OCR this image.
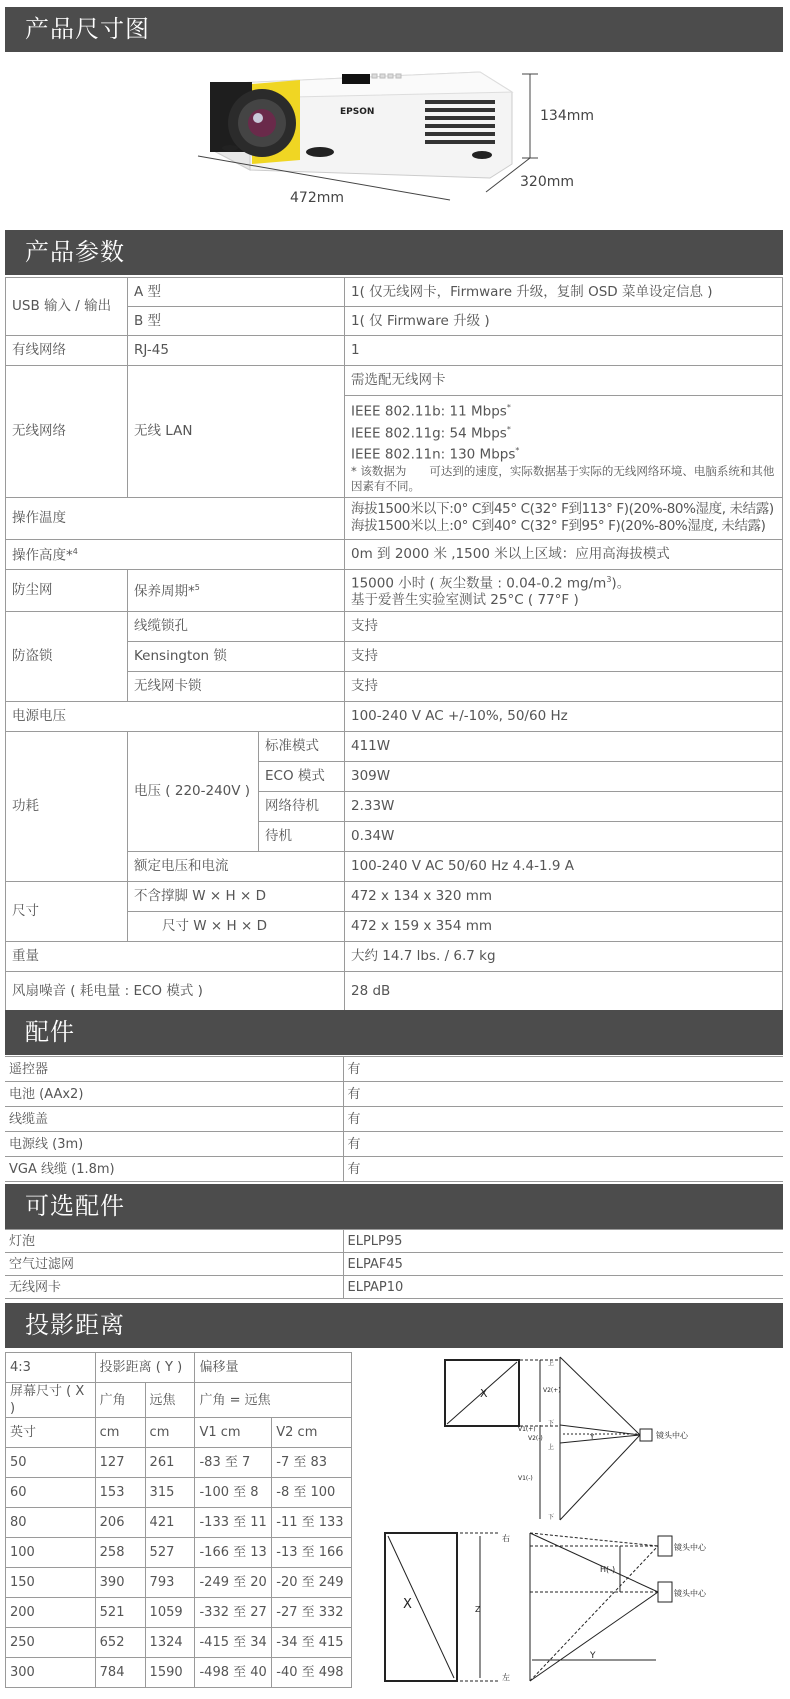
产品尺寸图
EPSON	134mm
320mm
472mm
产品参数
USB 输入 / 输出	A 型		1( 仅无线网卡，Firmware 升级，复制 OSD 菜单设定信息 )
	B 型		1( 仅 Firmware 升级 )
有线网络	RJ-45		1
无线网络	无线 LAN		需选配无线网卡

			IEEE 802.11b: 11 Mbps*
IEEE 802.11g: 54 Mbps*
IEEE 802.11n: 130 Mbps*
* 该数据为　　可达到的速度，实际数据基于实际的无线网络环境、电脑系统和其他因素有不同。

操作温度			海拔1500米以下:0° C到45° C(32° F到113° F)(20%-80%湿度, 未结露)
海拔1500米以上:0° C到40° C(32° F到95° F)(20%-80%湿度, 未结露)

操作高度*$^4$			0m 到 2000 米 ,1500 米以上区域：应用高海拔模式
防尘网	保养周期*$^5$		15000 小时 ( 灰尘数量 : 0.04-0.2 $mg/m^3$)。
基于爱普生实验室测试 25°C ( 77°F )

防盗锁	线缆锁孔		支持
	Kensington 锁		支持
	无线网卡锁		支持
电源电压			100-240 V AC +/-10%, 50/60 Hz
功耗	电压 ( 220-240V )	标准模式	411W
		ECO 模式	309W
		网络待机	2.33W
		待机	0.34W
	额定电压和电流		100-240 V AC 50/60 Hz 4.4-1.9 A
尺寸	不含撑脚 W × H × D		472 x 134 x 320 mm
	尺寸 W × H × D		472 x 159 x 354 mm
重量			大约 14.7 lbs. / 6.7 kg
风扇噪音 ( 耗电量 : ECO 模式 )			28 dB
配件
遥控器	有
电池 (AAx2)	有
线缆盖	有
电源线 (3m)	有
VGA 线缆 (1.8m)	有
可选配件
灯泡	ELPLP95
空气过滤网	ELPAF45
无线网卡	ELPAP10
投影距离
4:3	投影距离 ( Y )		偏移量	
屏幕尺寸 ( X )	广角	远焦	广角 = 远焦	
英寸	cm	cm	V1 cm	V2 cm
50	127	261	-83 至 7	-7 至 83
60	153	315	-100 至 8	-8 至 100
80	206	421	-133 至 11	-11 至 133
100	258	527	-166 至 13	-13 至 166
150	390	793	-249 至 20	-20 至 249
200	521	1059	-332 至 27	-27 至 332
250	652	1324	-415 至 34	-34 至 415
300	784	1590	-498 至 40	-40 至 498
X	V2(+)
V1(+)
V2(-)
V1(-)
上
下
上
下
Y	镜头中心
X	Z
右
左
H(-)
Y
镜头中心
镜头中心
